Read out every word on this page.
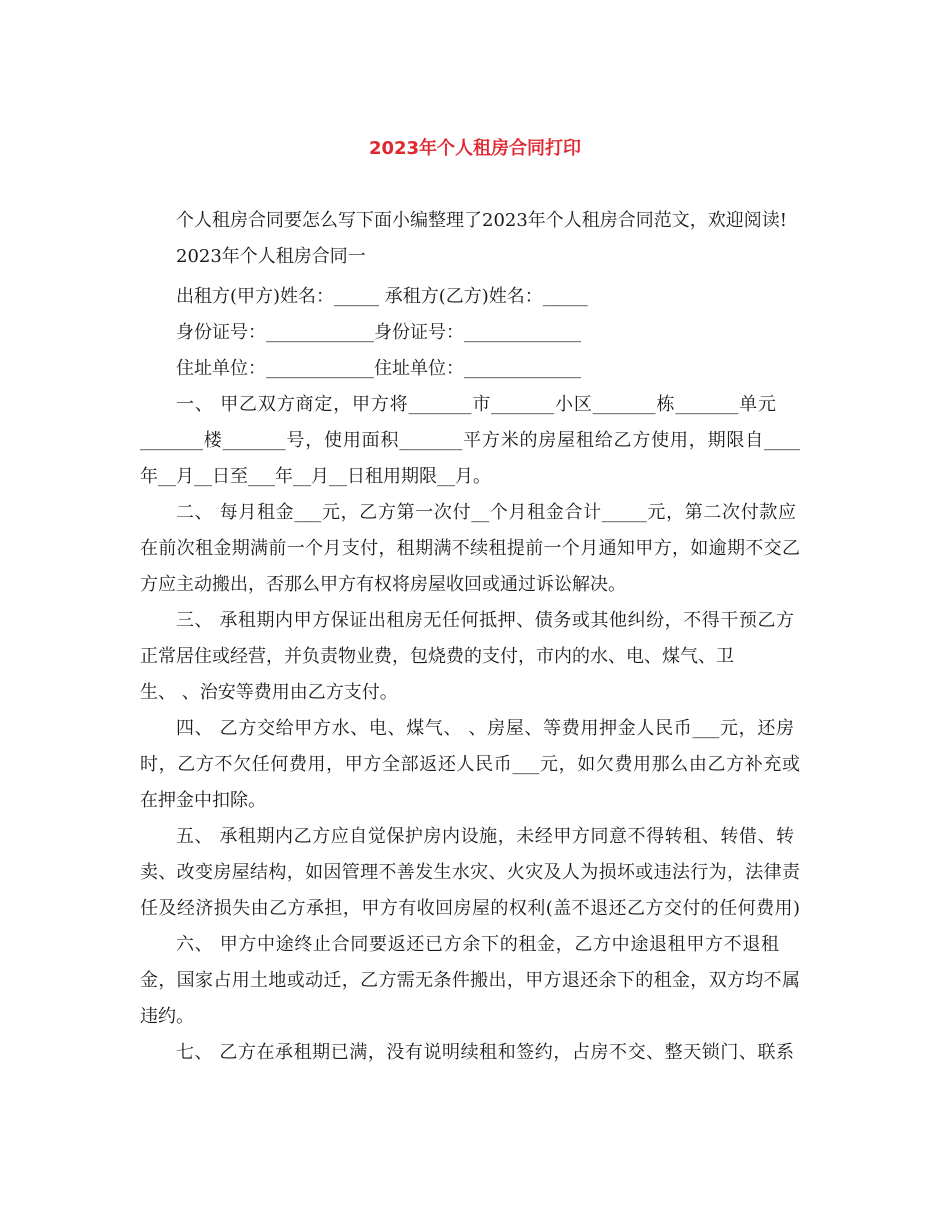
2023年个人租房合同打印

个人租房合同要怎么写下面小编整理了2023年个人租房合同范文，欢迎阅读!

2023年个人租房合同一

出租方(甲方)姓名：_____ 承租方(乙方)姓名：_____

身份证号：____________身份证号：_____________

住址单位：____________住址单位：_____________

一、 甲乙双方商定，甲方将_______市_______小区_______栋_______单元

_______楼_______号，使用面积_______平方米的房屋租给乙方使用，期限自____

年__月__日至___年__月__日租用期限__月。

二、 每月租金___元，乙方第一次付__个月租金合计_____元，第二次付款应

在前次租金期满前一个月支付，租期满不续租提前一个月通知甲方，如逾期不交乙

方应主动搬出，否那么甲方有权将房屋收回或通过诉讼解决。

三、 承租期内甲方保证出租房无任何抵押、债务或其他纠纷，不得干预乙方

正常居住或经营，并负责物业费，包烧费的支付，市内的水、电、煤气、卫

生、 、治安等费用由乙方支付。

四、 乙方交给甲方水、电、煤气、 、房屋、等费用押金人民币___元，还房

时，乙方不欠任何费用，甲方全部返还人民币___元，如欠费用那么由乙方补充或

在押金中扣除。

五、 承租期内乙方应自觉保护房内设施，未经甲方同意不得转租、转借、转

卖、改变房屋结构，如因管理不善发生水灾、火灾及人为损坏或违法行为，法律责

任及经济损失由乙方承担，甲方有收回房屋的权利(盖不退还乙方交付的任何费用)

六、 甲方中途终止合同要返还已方余下的租金，乙方中途退租甲方不退租

金，国家占用土地或动迁，乙方需无条件搬出，甲方退还余下的租金，双方均不属

违约。

七、 乙方在承租期已满，没有说明续租和签约，占房不交、整天锁门、联系
